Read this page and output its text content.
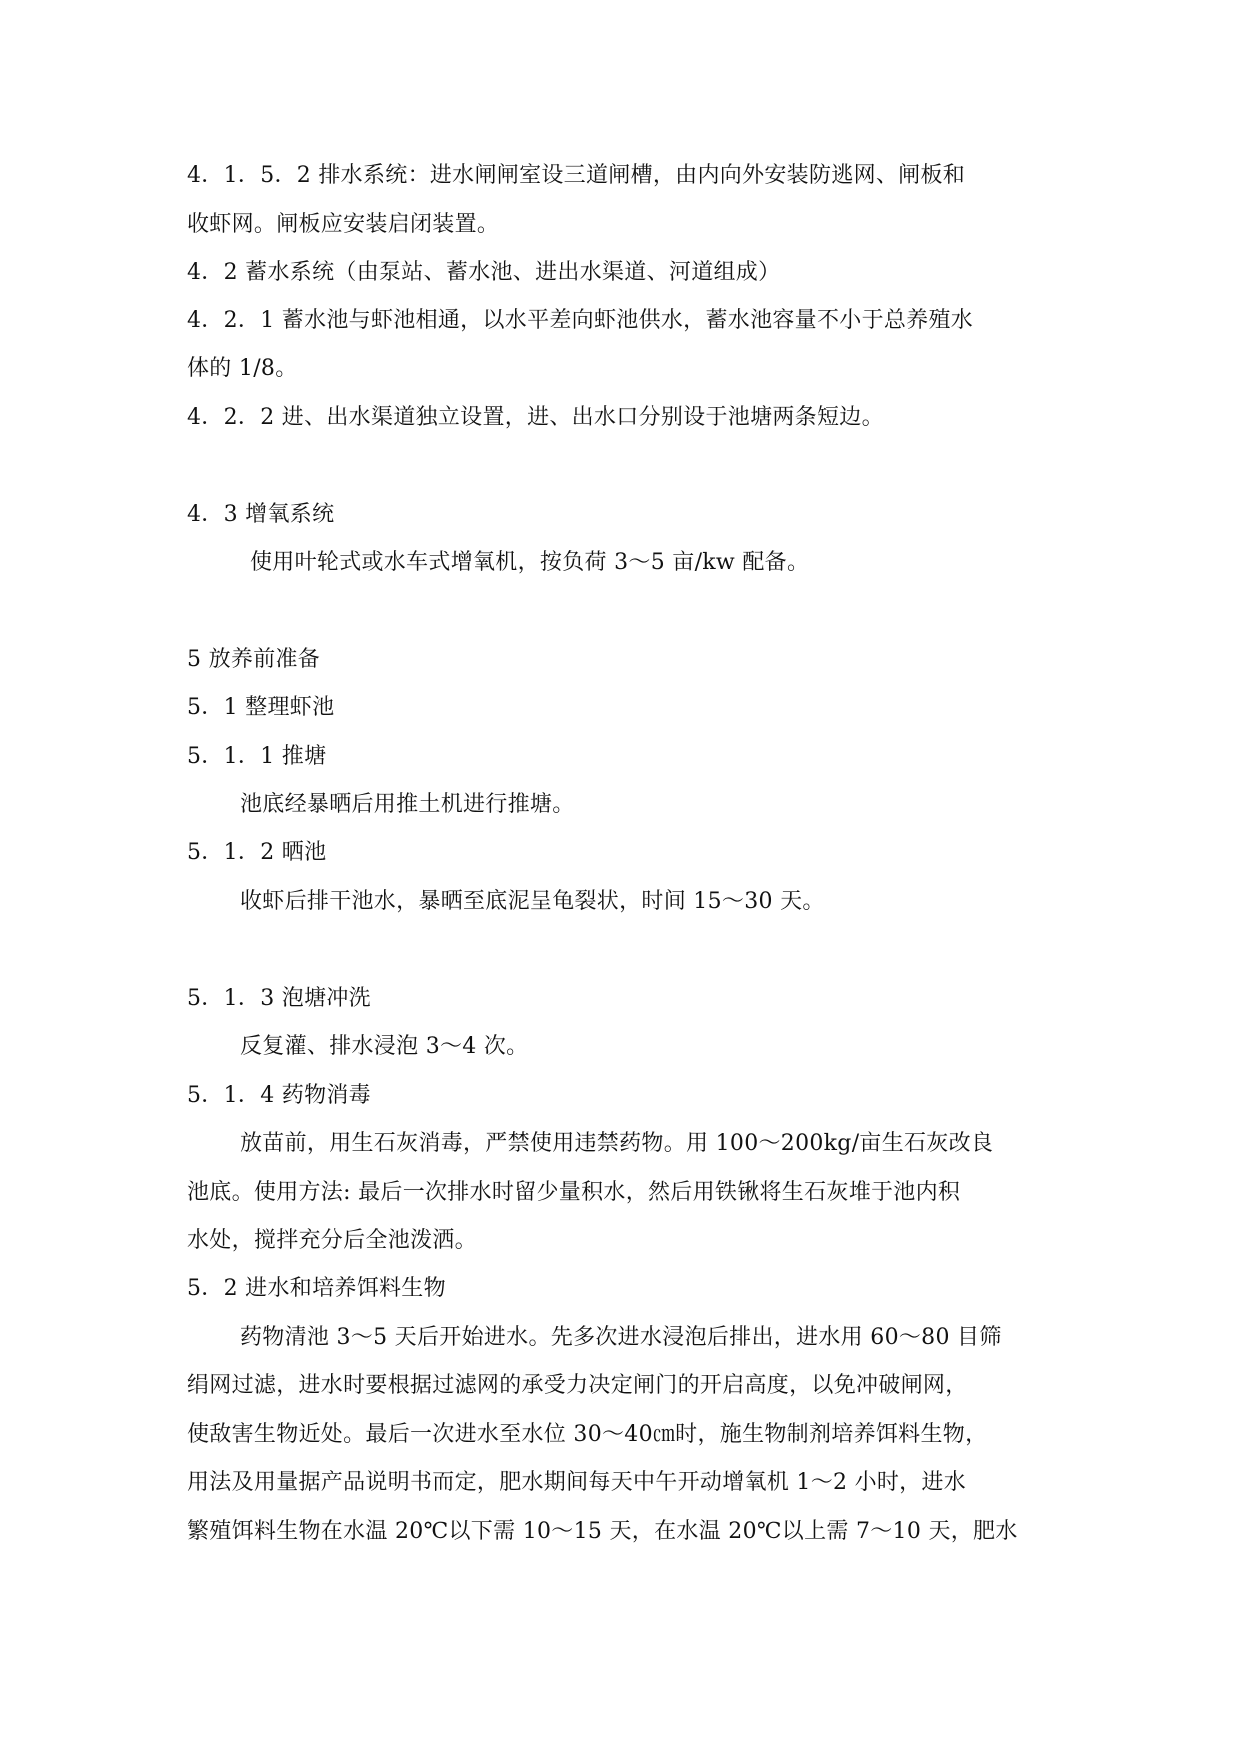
4．1．5．2 排水系统：进水闸闸室设三道闸槽，由内向外安装防逃网、闸板和
收虾网。闸板应安装启闭装置。
4．2 蓄水系统（由泵站、蓄水池、进出水渠道、河道组成）
4．2．1 蓄水池与虾池相通，以水平差向虾池供水，蓄水池容量不小于总养殖水
体的 1/8。
4．2．2 进、出水渠道独立设置，进、出水口分别设于池塘两条短边。
4．3 增氧系统
使用叶轮式或水车式增氧机，按负荷 3～5 亩/kw 配备。
5 放养前准备
5．1 整理虾池
5．1．1 推塘
池底经暴晒后用推土机进行推塘。
5．1．2 晒池
收虾后排干池水，暴晒至底泥呈龟裂状，时间 15～30 天。
5．1．3 泡塘冲洗
反复灌、排水浸泡 3～4 次。
5．1．4 药物消毒
放苗前，用生石灰消毒，严禁使用违禁药物。用 100～200kg/亩生石灰改良
池底。使用方法: 最后一次排水时留少量积水，然后用铁锹将生石灰堆于池内积
水处，搅拌充分后全池泼洒。
5．2 进水和培养饵料生物
药物清池 3～5 天后开始进水。先多次进水浸泡后排出，进水用 60～80 目筛
绢网过滤，进水时要根据过滤网的承受力决定闸门的开启高度，以免冲破闸网，
使敌害生物近处。最后一次进水至水位 30～40㎝时，施生物制剂培养饵料生物，
用法及用量据产品说明书而定，肥水期间每天中午开动增氧机 1～2 小时，进水
繁殖饵料生物在水温 20℃以下需 10～15 天，在水温 20℃以上需 7～10 天，肥水
